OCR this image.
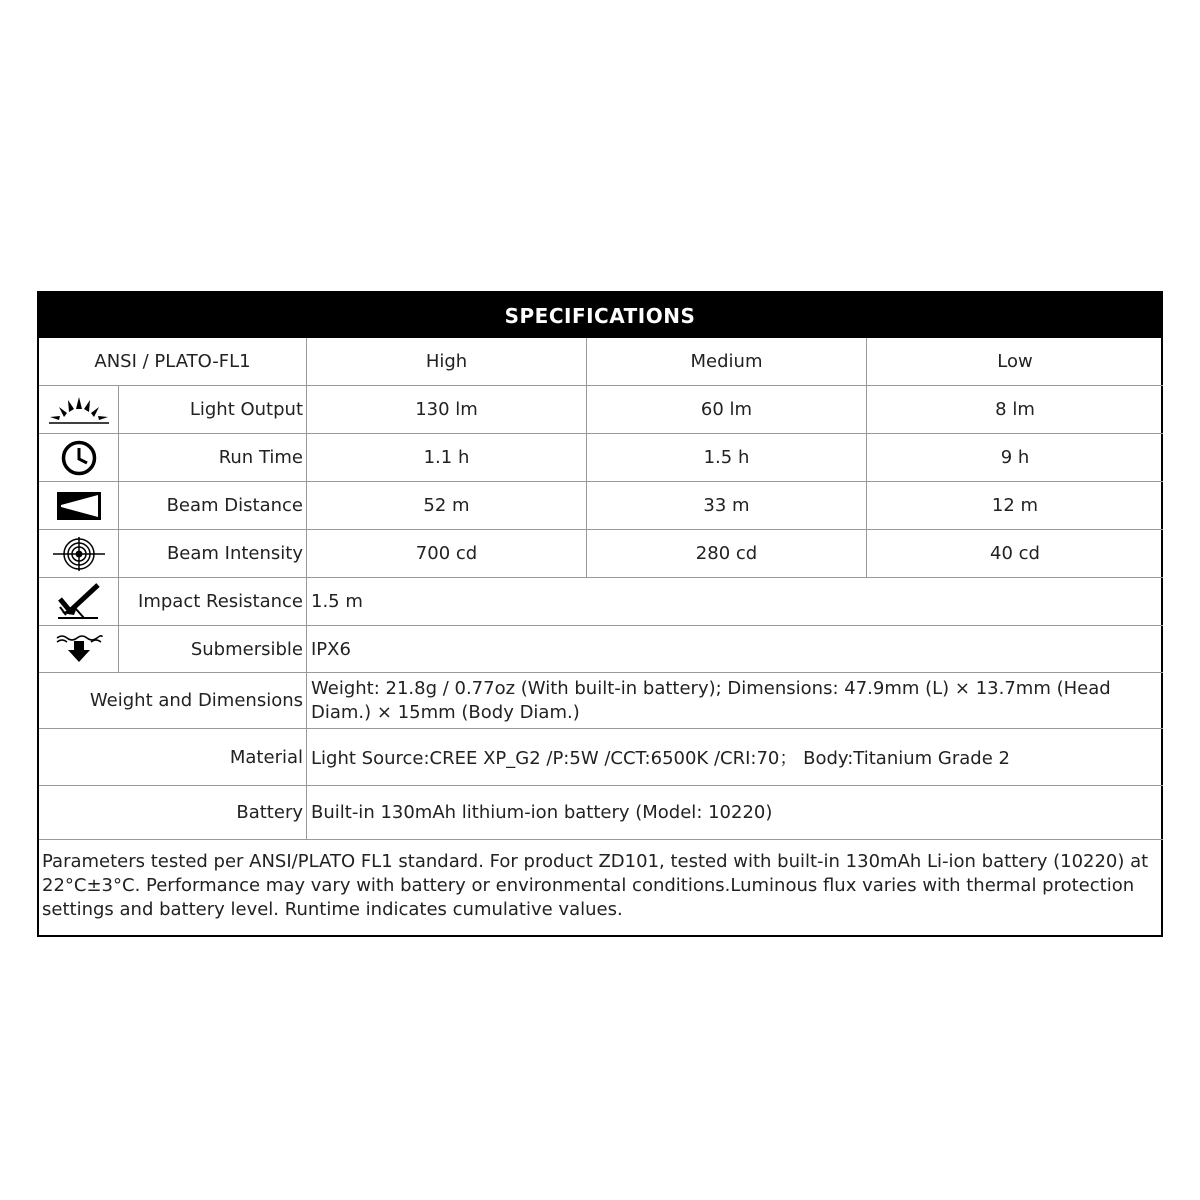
SPECIFICATIONS
ANSI / PLATO-FL1	High	Medium	Low
Light Output	130 lm	60 lm	8 lm
Run Time	1.1 h	1.5 h	9 h
Beam Distance	52 m	33 m	12 m
Beam Intensity	700 cd	280 cd	40 cd
Impact Resistance 1.5 m
Submersible IPX6
Weight and Dimensions
Weight: 21.8g / 0.77oz (With built-in battery); Dimensions: 47.9mm (L) × 13.7mm (Head Diam.) × 15mm (Body Diam.)
Material Light Source:CREE XP_G2 /P:5W /CCT:6500K /CRI:70； Body:Titanium Grade 2
Battery Built-in 130mAh lithium-ion battery (Model: 10220)
Parameters tested per ANSI/PLATO FL1 standard. For product ZD101, tested with built-in 130mAh Li-ion battery (10220) at 22°C±3°C. Performance may vary with battery or environmental conditions.Luminous flux varies with thermal protection settings and battery level. Runtime indicates cumulative values.
